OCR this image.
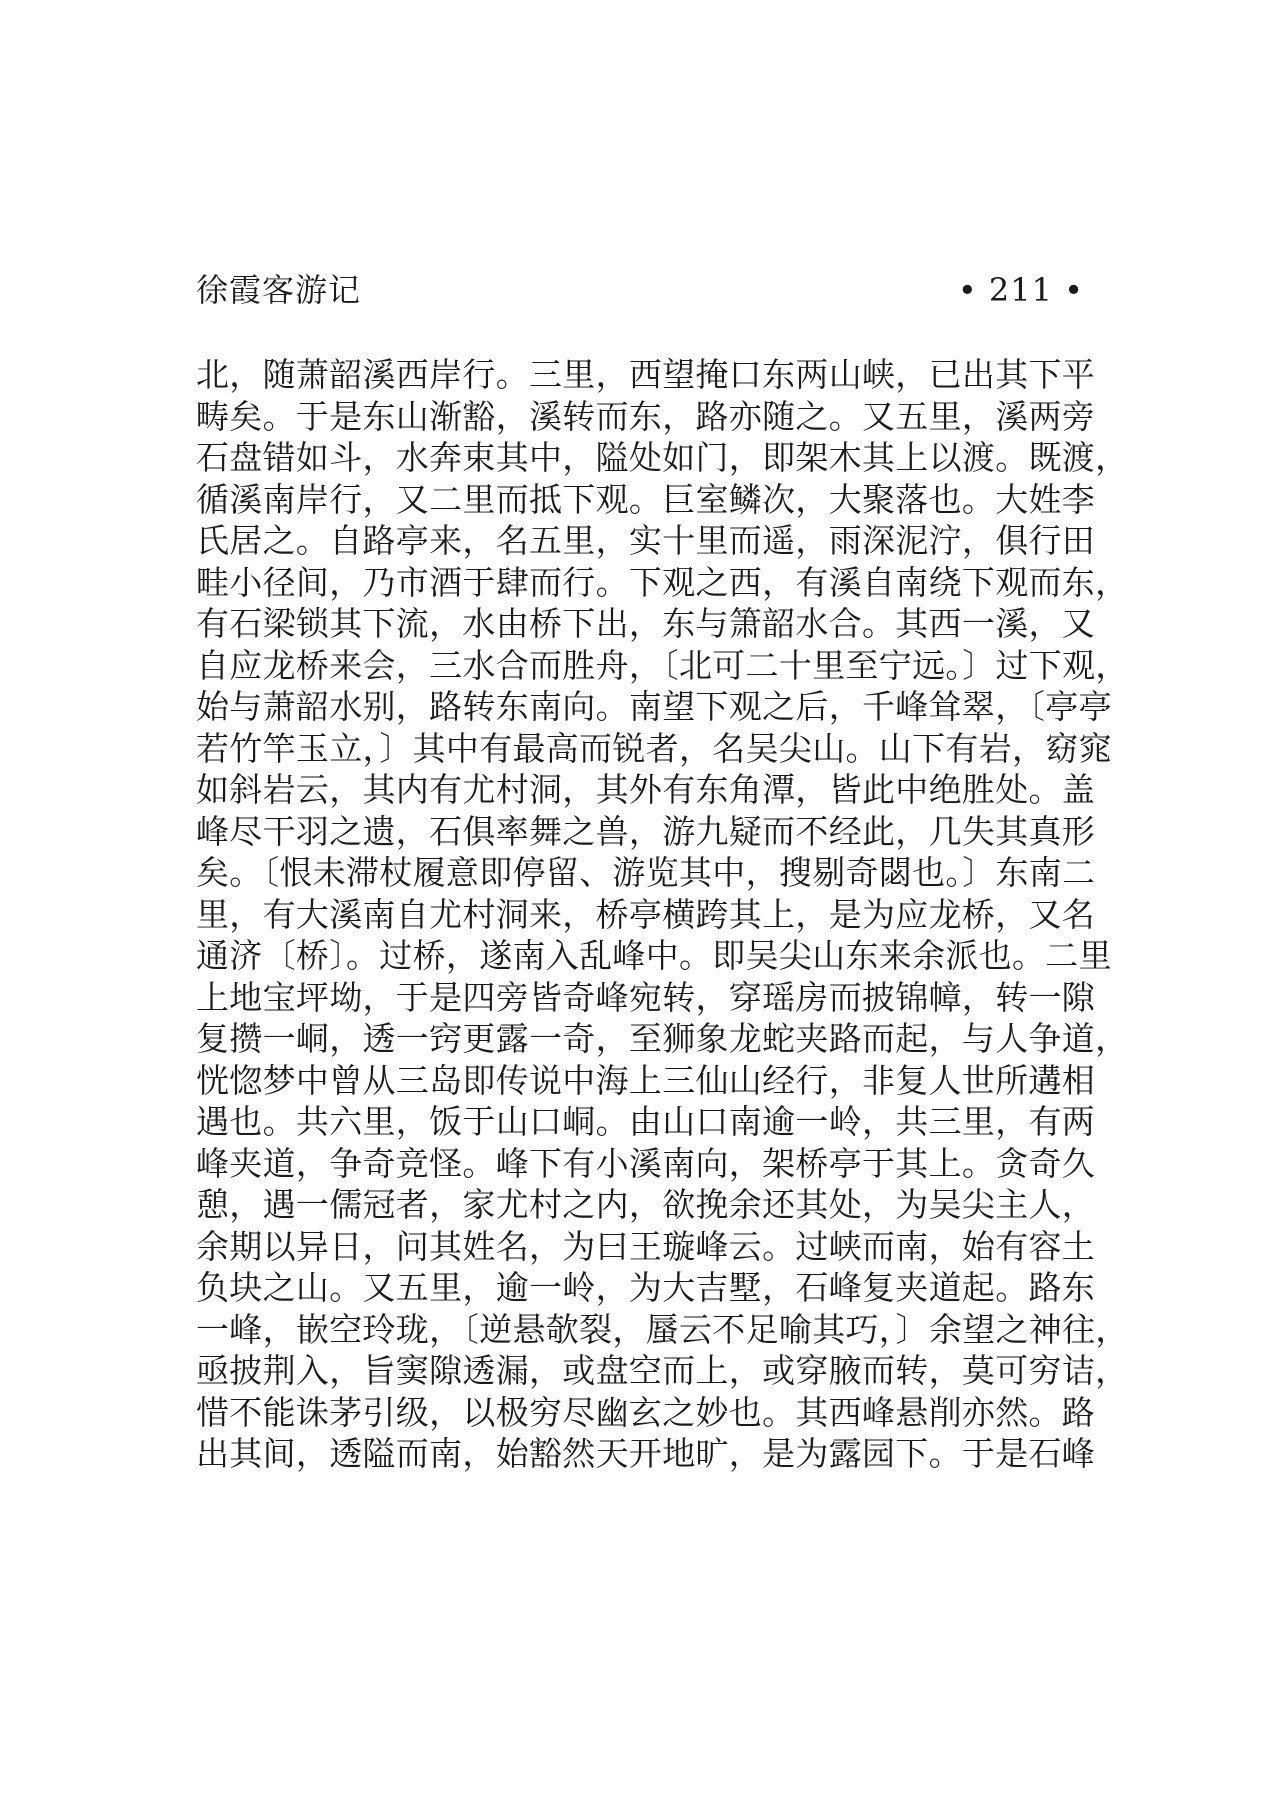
徐霞客游记	• 211 •
北，随萧韶溪西岸行。三里，西望掩口东两山峡，已出其下平
畴矣。于是东山渐豁，溪转而东，路亦随之。又五里，溪两旁
石盘错如斗，水奔束其中，隘处如门，即架木其上以渡。既渡，
循溪南岸行，又二里而抵下观。巨室鳞次，大聚落也。大姓李
氏居之。自路亭来，名五里，实十里而遥，雨深泥泞，俱行田
畦小径间，乃市酒于肆而行。下观之西，有溪自南绕下观而东，
有石梁锁其下流，水由桥下出，东与箫韶水合。其西一溪，又
自应龙桥来会，三水合而胜舟，〔北可二十里至宁远。〕过下观，
始与萧韶水别，路转东南向。南望下观之后，千峰耸翠，〔亭亭
若竹竿玉立，〕其中有最高而锐者，名吴尖山。山下有岩，窈窕
如斜岩云，其内有尤村洞，其外有东角潭，皆此中绝胜处。盖
峰尽干羽之遗，石俱率舞之兽，游九疑而不经此，几失其真形
矣。〔恨未滞杖履意即停留、游览其中，搜剔奇閟也。〕东南二
里，有大溪南自尤村洞来，桥亭横跨其上，是为应龙桥，又名
通济〔桥〕。过桥，遂南入乱峰中。即吴尖山东来余派也。二里
上地宝坪坳，于是四旁皆奇峰宛转，穿瑶房而披锦幛，转一隙
复攒一峒，透一窍更露一奇，至狮象龙蛇夹路而起，与人争道，
恍惚梦中曾从三岛即传说中海上三仙山经行，非复人世所遘相
遇也。共六里，饭于山口峒。由山口南逾一岭，共三里，有两
峰夹道，争奇竞怪。峰下有小溪南向，架桥亭于其上。贪奇久
憩，遇一儒冠者，家尤村之内，欲挽余还其处，为吴尖主人，
余期以异日，问其姓名，为曰王璇峰云。过峡而南，始有容土
负块之山。又五里，逾一岭，为大吉墅，石峰复夹道起。路东
一峰，嵌空玲珑，〔逆悬欹裂，蜃云不足喻其巧，〕余望之神往，
亟披荆入，旨窦隙透漏，或盘空而上，或穿腋而转，莫可穷诘，
惜不能诛茅引级，以极穷尽幽玄之妙也。其西峰悬削亦然。路
出其间，透隘而南，始豁然天开地旷，是为露园下。于是石峰
